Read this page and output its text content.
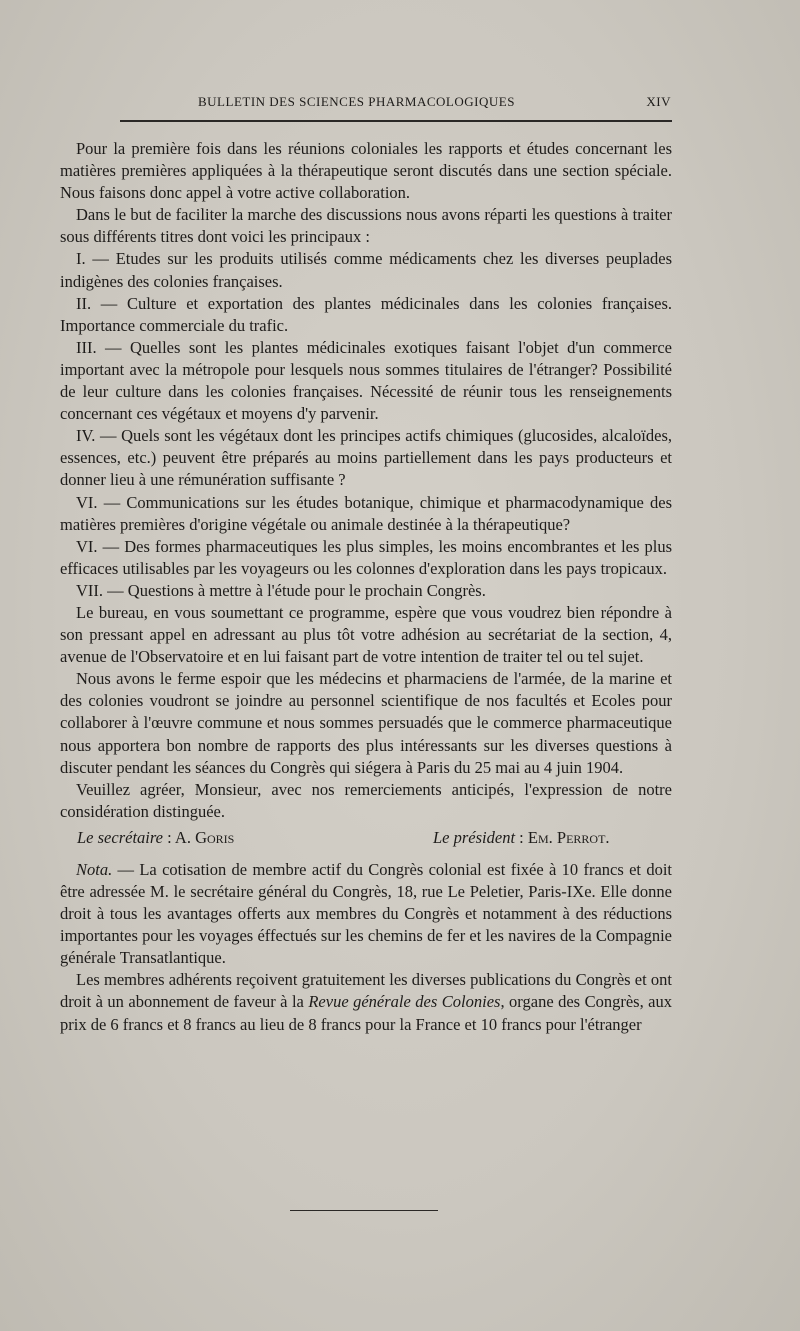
BULLETIN DES SCIENCES PHARMACOLOGIQUES	XIV

Pour la première fois dans les réunions coloniales les rapports et études concernant les matières premières appliquées à la thérapeutique seront discutés dans une section spéciale. Nous faisons donc appel à votre active collaboration.

Dans le but de faciliter la marche des discussions nous avons réparti les questions à traiter sous différents titres dont voici les principaux :

I. — Etudes sur les produits utilisés comme médicaments chez les diverses peuplades indigènes des colonies françaises.

II. — Culture et exportation des plantes médicinales dans les colonies françaises. Importance commerciale du trafic.

III. — Quelles sont les plantes médicinales exotiques faisant l'objet d'un commerce important avec la métropole pour lesquels nous sommes titulaires de l'étranger? Possibilité de leur culture dans les colonies françaises. Nécessité de réunir tous les renseignements concernant ces végétaux et moyens d'y parvenir.

IV. — Quels sont les végétaux dont les principes actifs chimiques (glucosides, alcaloïdes, essences, etc.) peuvent être préparés au moins partiellement dans les pays producteurs et donner lieu à une rémunération suffisante ?

VI. — Communications sur les études botanique, chimique et pharmacodynamique des matières premières d'origine végétale ou animale destinée à la thérapeutique?

VI. — Des formes pharmaceutiques les plus simples, les moins encombrantes et les plus efficaces utilisables par les voyageurs ou les colonnes d'exploration dans les pays tropicaux.

VII. — Questions à mettre à l'étude pour le prochain Congrès.

Le bureau, en vous soumettant ce programme, espère que vous voudrez bien répondre à son pressant appel en adressant au plus tôt votre adhésion au secrétariat de la section, 4, avenue de l'Observatoire et en lui faisant part de votre intention de traiter tel ou tel sujet.

Nous avons le ferme espoir que les médecins et pharmaciens de l'armée, de la marine et des colonies voudront se joindre au personnel scientifique de nos facultés et Ecoles pour collaborer à l'œuvre commune et nous sommes persuadés que le commerce pharmaceutique nous apportera bon nombre de rapports des plus intéressants sur les diverses questions à discuter pendant les séances du Congrès qui siégera à Paris du 25 mai au 4 juin 1904.

Veuillez agréer, Monsieur, avec nos remerciements anticipés, l'expression de notre considération distinguée.

Le secrétaire : A. Goris	Le président : Em. Perrot.

Nota. — La cotisation de membre actif du Congrès colonial est fixée à 10 francs et doit être adressée M. le secrétaire général du Congrès, 18, rue Le Peletier, Paris-IXe. Elle donne droit à tous les avantages offerts aux membres du Congrès et notamment à des réductions importantes pour les voyages éffectués sur les chemins de fer et les navires de la Compagnie générale Transatlantique.

Les membres adhérents reçoivent gratuitement les diverses publications du Congrès et ont droit à un abonnement de faveur à la Revue générale des Colonies, organe des Congrès, aux prix de 6 francs et 8 francs au lieu de 8 francs pour la France et 10 francs pour l'étranger
